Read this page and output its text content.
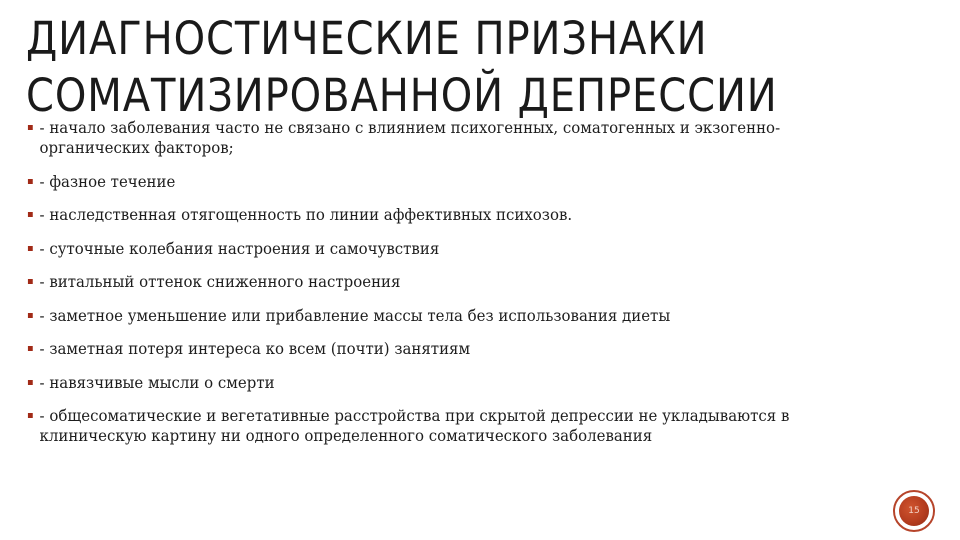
ДИАГНОСТИЧЕСКИЕ ПРИЗНАКИ
СОМАТИЗИРОВАННОЙ ДЕПРЕССИИ
- начало заболевания часто не связано с влиянием психогенных, соматогенных и экзогенно-органических факторов;
- фазное течение
- наследственная отягощенность по линии аффективных психозов.
- суточные колебания настроения и самочувствия
- витальный оттенок сниженного настроения
- заметное уменьшение или прибавление массы тела без использования диеты
- заметная потеря интереса ко всем (почти) занятиям
- навязчивые мысли о смерти
- общесоматические и вегетативные расстройства при скрытой депрессии не укладываются в клиническую картину ни одного определенного соматического заболевания
15
